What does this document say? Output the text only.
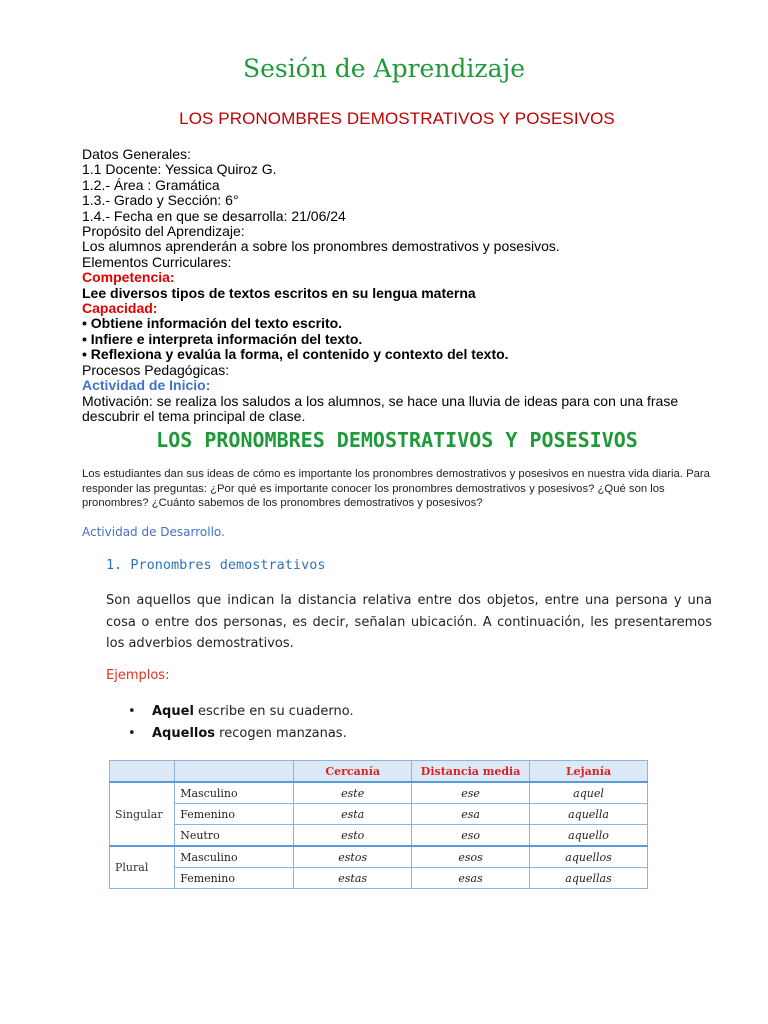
Sesión de Aprendizaje
LOS PRONOMBRES DEMOSTRATIVOS Y POSESIVOS
Datos Generales:
1.1 Docente: Yessica Quiroz G.
1.2.- Área : Gramática
1.3.- Grado y Sección: 6°
1.4.- Fecha en que se desarrolla: 21/06/24
Propósito del Aprendizaje:
Los alumnos aprenderán a sobre los pronombres demostrativos y posesivos.
Elementos Curriculares:
Competencia:
Lee diversos tipos de textos escritos en su lengua materna
Capacidad:
• Obtiene información del texto escrito.
• Infiere e interpreta información del texto.
• Reflexiona y evalúa la forma, el contenido y contexto del texto.
Procesos Pedagógicas:
Actividad de Inicio:
Motivación: se realiza los saludos a los alumnos, se hace una lluvia de ideas para con una frase descubrir el tema principal de clase.
LOS PRONOMBRES DEMOSTRATIVOS Y POSESIVOS
Los estudiantes dan sus ideas de cómo es importante los pronombres demostrativos y posesivos en nuestra vida diaria. Para responder las preguntas: ¿Por qué es importante conocer los pronombres demostrativos y posesivos? ¿Qué son los pronombres? ¿Cuánto sabemos de los pronombres demostrativos y posesivos?
Actividad de Desarrollo.
1. Pronombres demostrativos
Son aquellos que indican la distancia relativa entre dos objetos, entre una persona y una cosa o entre dos personas, es decir, señalan ubicación. A continuación, les presentaremos los adverbios demostrativos.
Ejemplos:
• Aquel escribe en su cuaderno.
• Aquellos recogen manzanas.
		Cercanía	Distancia media	Lejanía
Singular	Masculino	este	ese	aquel
	Femenino	esta	esa	aquella
	Neutro	esto	eso	aquello
Plural	Masculino	estos	esos	aquellos
	Femenino	estas	esas	aquellas
